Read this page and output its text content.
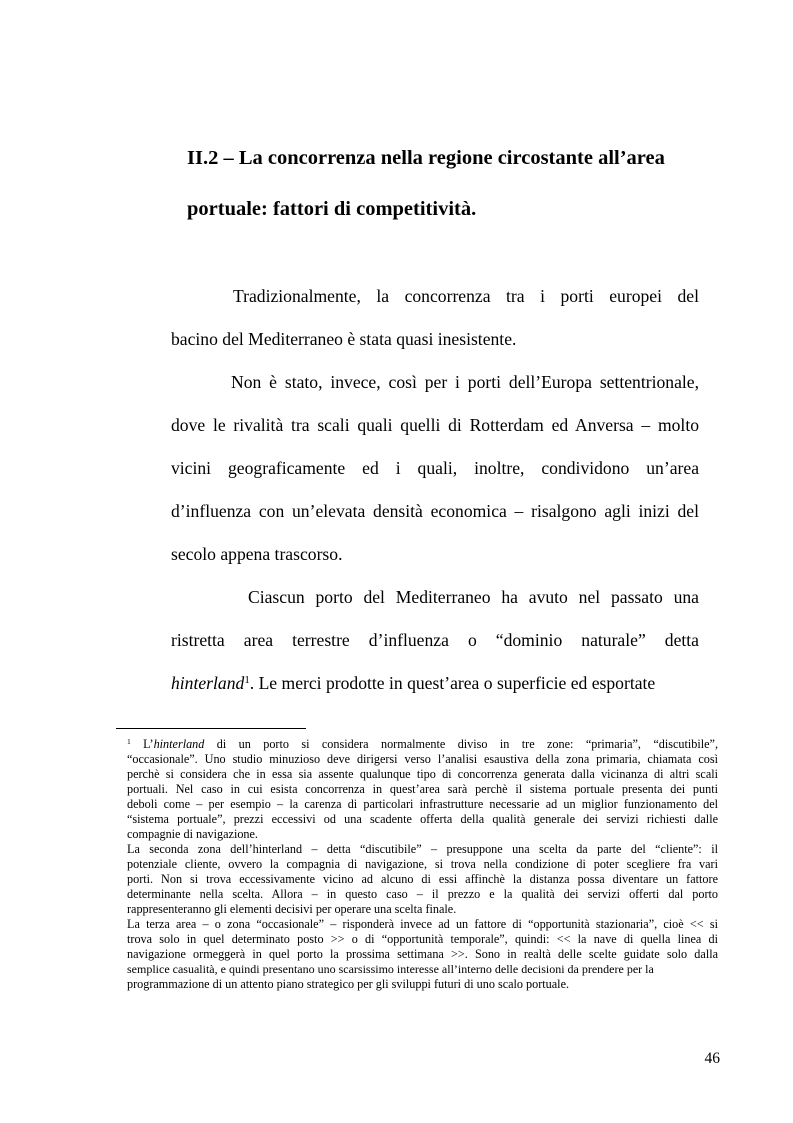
II.2 – La concorrenza nella regione circostante all’area
portuale: fattori di competitività.

Tradizionalmente, la concorrenza tra i porti europei del

bacino del Mediterraneo è stata quasi inesistente.

Non è stato, invece, così per i porti dell’Europa settentrionale,

dove le rivalità tra scali quali quelli di Rotterdam ed Anversa – molto

vicini geograficamente ed i quali, inoltre, condividono un’area

d’influenza con un’elevata densità economica – risalgono agli inizi del

secolo appena trascorso.

Ciascun porto del Mediterraneo ha avuto nel passato una

ristretta area terrestre d’influenza o “dominio naturale” detta

hinterland$^1$. Le merci prodotte in quest’area o superficie ed esportate

$^1$ L’hinterland di un porto si considera normalmente diviso in tre zone: “primaria”, “discutibile”,

“occasionale”. Uno studio minuzioso deve dirigersi verso l’analisi esaustiva della zona primaria, chiamata così

perchè si considera che in essa sia assente qualunque tipo di concorrenza generata dalla vicinanza di altri scali

portuali. Nel caso in cui esista concorrenza in quest’area sarà perchè il sistema portuale presenta dei punti

deboli come – per esempio – la carenza di particolari infrastrutture necessarie ad un miglior funzionamento del

“sistema portuale”, prezzi eccessivi od una scadente offerta della qualità generale dei servizi richiesti dalle

compagnie di navigazione.

La seconda zona dell’hinterland – detta “discutibile” – presuppone una scelta da parte del “cliente”: il

potenziale cliente, ovvero la compagnia di navigazione, si trova nella condizione di poter scegliere fra vari

porti. Non si trova eccessivamente vicino ad alcuno di essi affinchè la distanza possa diventare un fattore

determinante nella scelta. Allora – in questo caso – il prezzo e la qualità dei servizi offerti dal porto

rappresenteranno gli elementi decisivi per operare una scelta finale.

La terza area – o zona “occasionale” – risponderà invece ad un fattore di “opportunità stazionaria”, cioè << si

trova solo in quel determinato posto >> o di “opportunità temporale”, quindi: << la nave di quella linea di

navigazione ormeggerà in quel porto la prossima settimana >>. Sono in realtà delle scelte guidate solo dalla

semplice casualità, e quindi presentano uno scarsissimo interesse all’interno delle decisioni da prendere per la

programmazione di un attento piano strategico per gli sviluppi futuri di uno scalo portuale.

46
